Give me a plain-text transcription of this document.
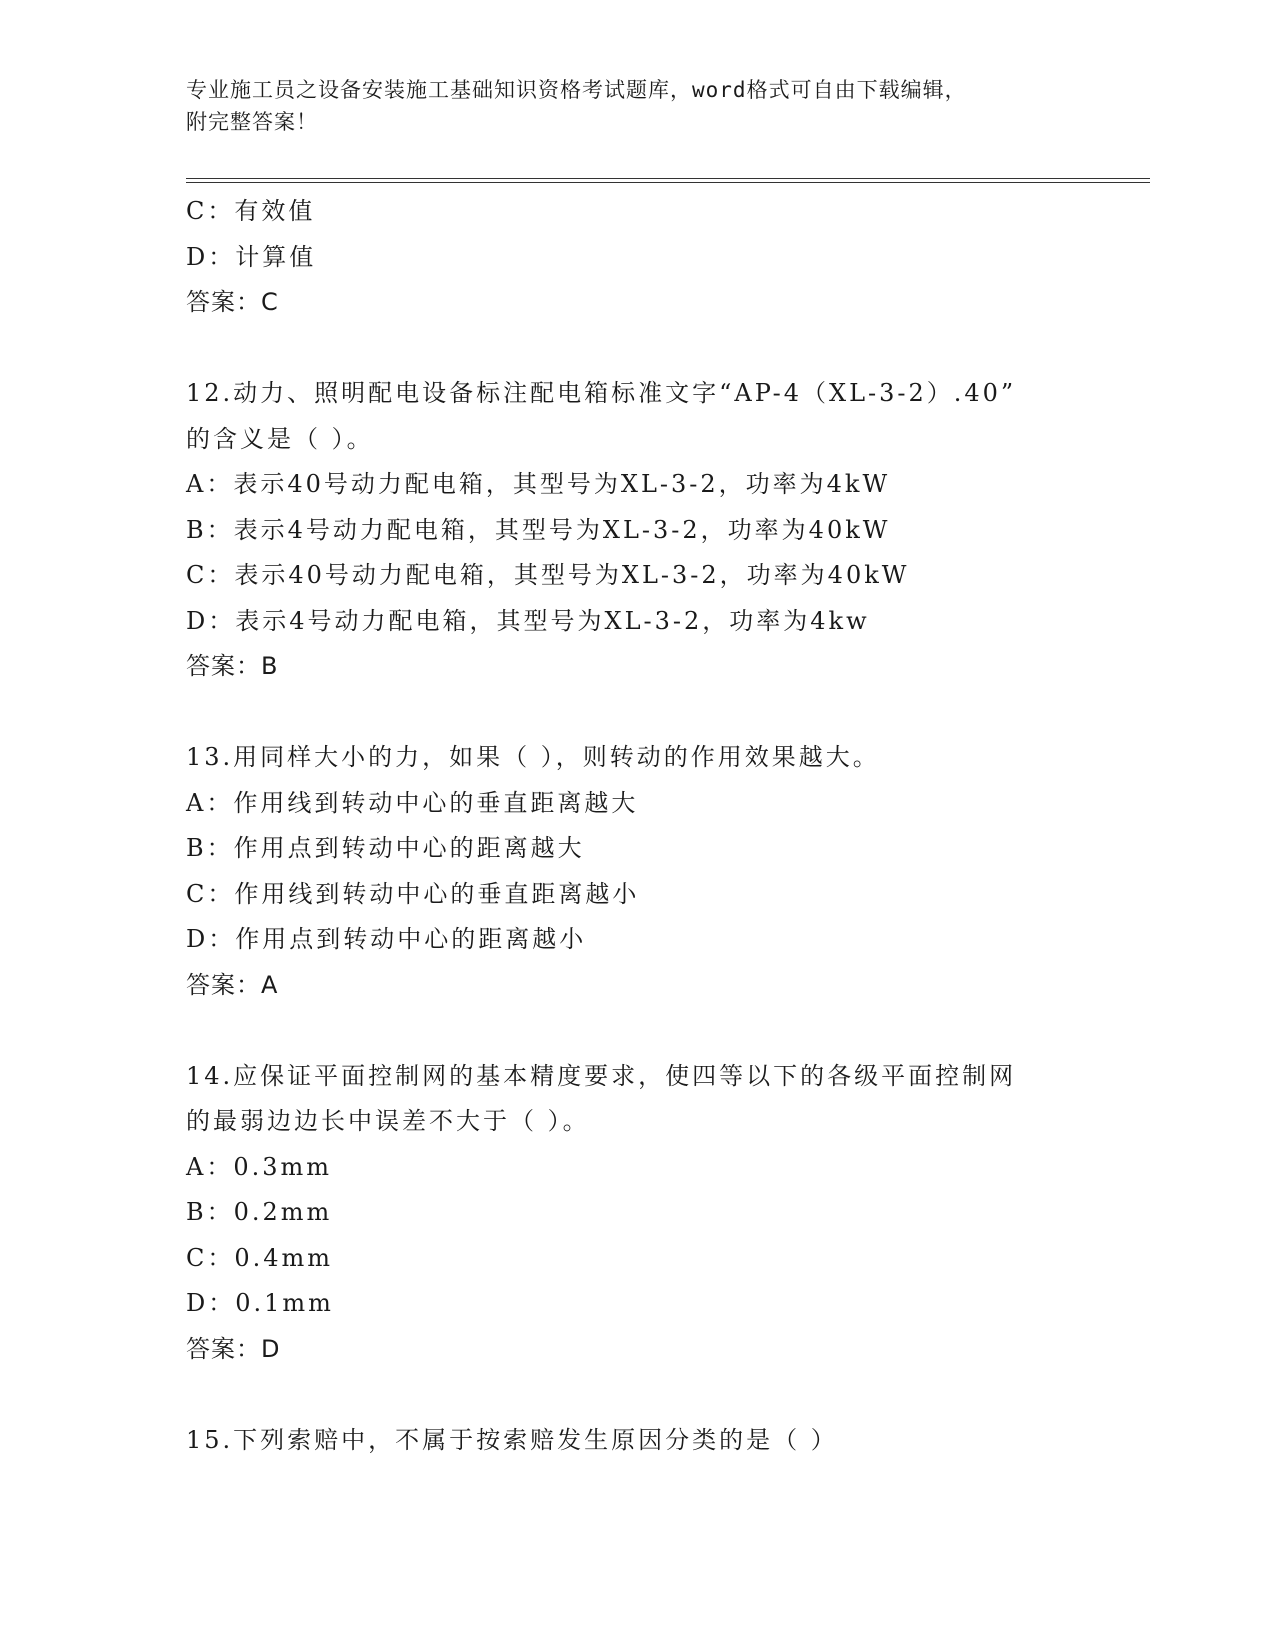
专业施工员之设备安装施工基础知识资格考试题库，word格式可自由下载编辑，
附完整答案！
C：有效值
D：计算值
答案：C
12.动力、照明配电设备标注配电箱标准文字“AP-4（XL-3-2）.40”
的含义是（ ）。
A：表示40号动力配电箱，其型号为XL-3-2，功率为4kW
B：表示4号动力配电箱，其型号为XL-3-2，功率为40kW
C：表示40号动力配电箱，其型号为XL-3-2，功率为40kW
D：表示4号动力配电箱，其型号为XL-3-2，功率为4kw
答案：B
13.用同样大小的力，如果（ ），则转动的作用效果越大。
A：作用线到转动中心的垂直距离越大
B：作用点到转动中心的距离越大
C：作用线到转动中心的垂直距离越小
D：作用点到转动中心的距离越小
答案：A
14.应保证平面控制网的基本精度要求，使四等以下的各级平面控制网
的最弱边边长中误差不大于（ ）。
A：0.3mm
B：0.2mm
C：0.4mm
D：0.1mm
答案：D
15.下列索赔中，不属于按索赔发生原因分类的是（ ）
